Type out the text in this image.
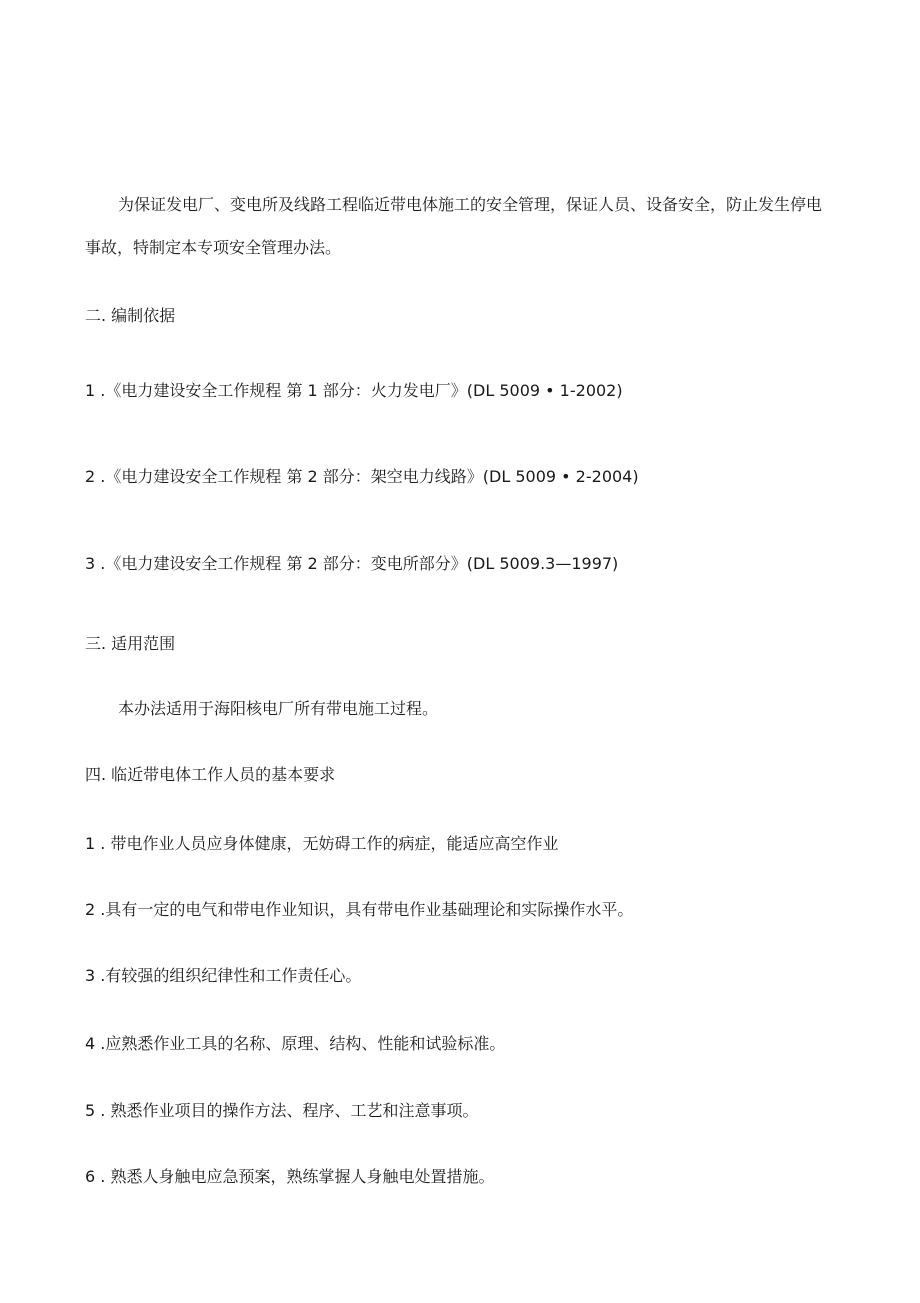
为保证发电厂、变电所及线路工程临近带电体施工的安全管理，保证人员、设备安全，防止发生停电
事故，特制定本专项安全管理办法。
二. 编制依据
1 .《电力建设安全工作规程 第 1 部分：火力发电厂》(DL 5009 • 1-2002)
2 .《电力建设安全工作规程 第 2 部分：架空电力线路》(DL 5009 • 2-2004)
3 .《电力建设安全工作规程 第 2 部分：变电所部分》(DL 5009.3—1997)
三. 适用范围
本办法适用于海阳核电厂所有带电施工过程。
四. 临近带电体工作人员的基本要求
1 . 带电作业人员应身体健康，无妨碍工作的病症，能适应高空作业
2 .具有一定的电气和带电作业知识，具有带电作业基础理论和实际操作水平。
3 .有较强的组织纪律性和工作责任心。
4 .应熟悉作业工具的名称、原理、结构、性能和试验标准。
5 . 熟悉作业项目的操作方法、程序、工艺和注意事项。
6 . 熟悉人身触电应急预案，熟练掌握人身触电处置措施。
